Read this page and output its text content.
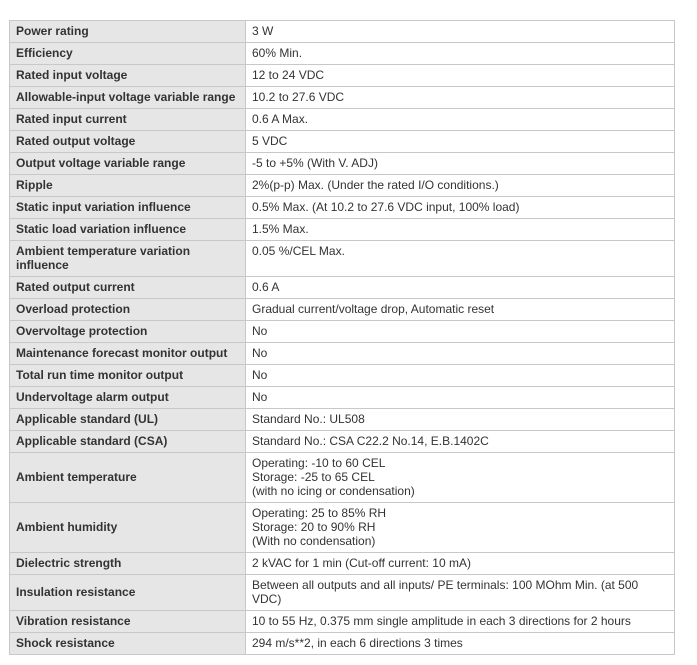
Power rating	3 W
Efficiency	60% Min.
Rated input voltage	12 to 24 VDC
Allowable-input voltage variable range	10.2 to 27.6 VDC
Rated input current	0.6 A Max.
Rated output voltage	5 VDC
Output voltage variable range	-5 to +5% (With V. ADJ)
Ripple	2%(p-p) Max. (Under the rated I/O conditions.)
Static input variation influence	0.5% Max. (At 10.2 to 27.6 VDC input, 100% load)
Static load variation influence	1.5% Max.
Ambient temperature variation influence	0.05 %/CEL Max.
Rated output current	0.6 A
Overload protection	Gradual current/voltage drop, Automatic reset
Overvoltage protection	No
Maintenance forecast monitor output	No
Total run time monitor output	No
Undervoltage alarm output	No
Applicable standard (UL)	Standard No.: UL508
Applicable standard (CSA)	Standard No.: CSA C22.2 No.14, E.B.1402C
Ambient temperature	Operating: -10 to 60 CEL
Storage: -25 to 65 CEL
(with no icing or condensation)
Ambient humidity	Operating: 25 to 85% RH
Storage: 20 to 90% RH
(With no condensation)
Dielectric strength	2 kVAC for 1 min (Cut-off current: 10 mA)
Insulation resistance	Between all outputs and all inputs/ PE terminals: 100 MOhm Min. (at 500 VDC)
Vibration resistance	10 to 55 Hz, 0.375 mm single amplitude in each 3 directions for 2 hours
Shock resistance	294 m/s**2, in each 6 directions 3 times
